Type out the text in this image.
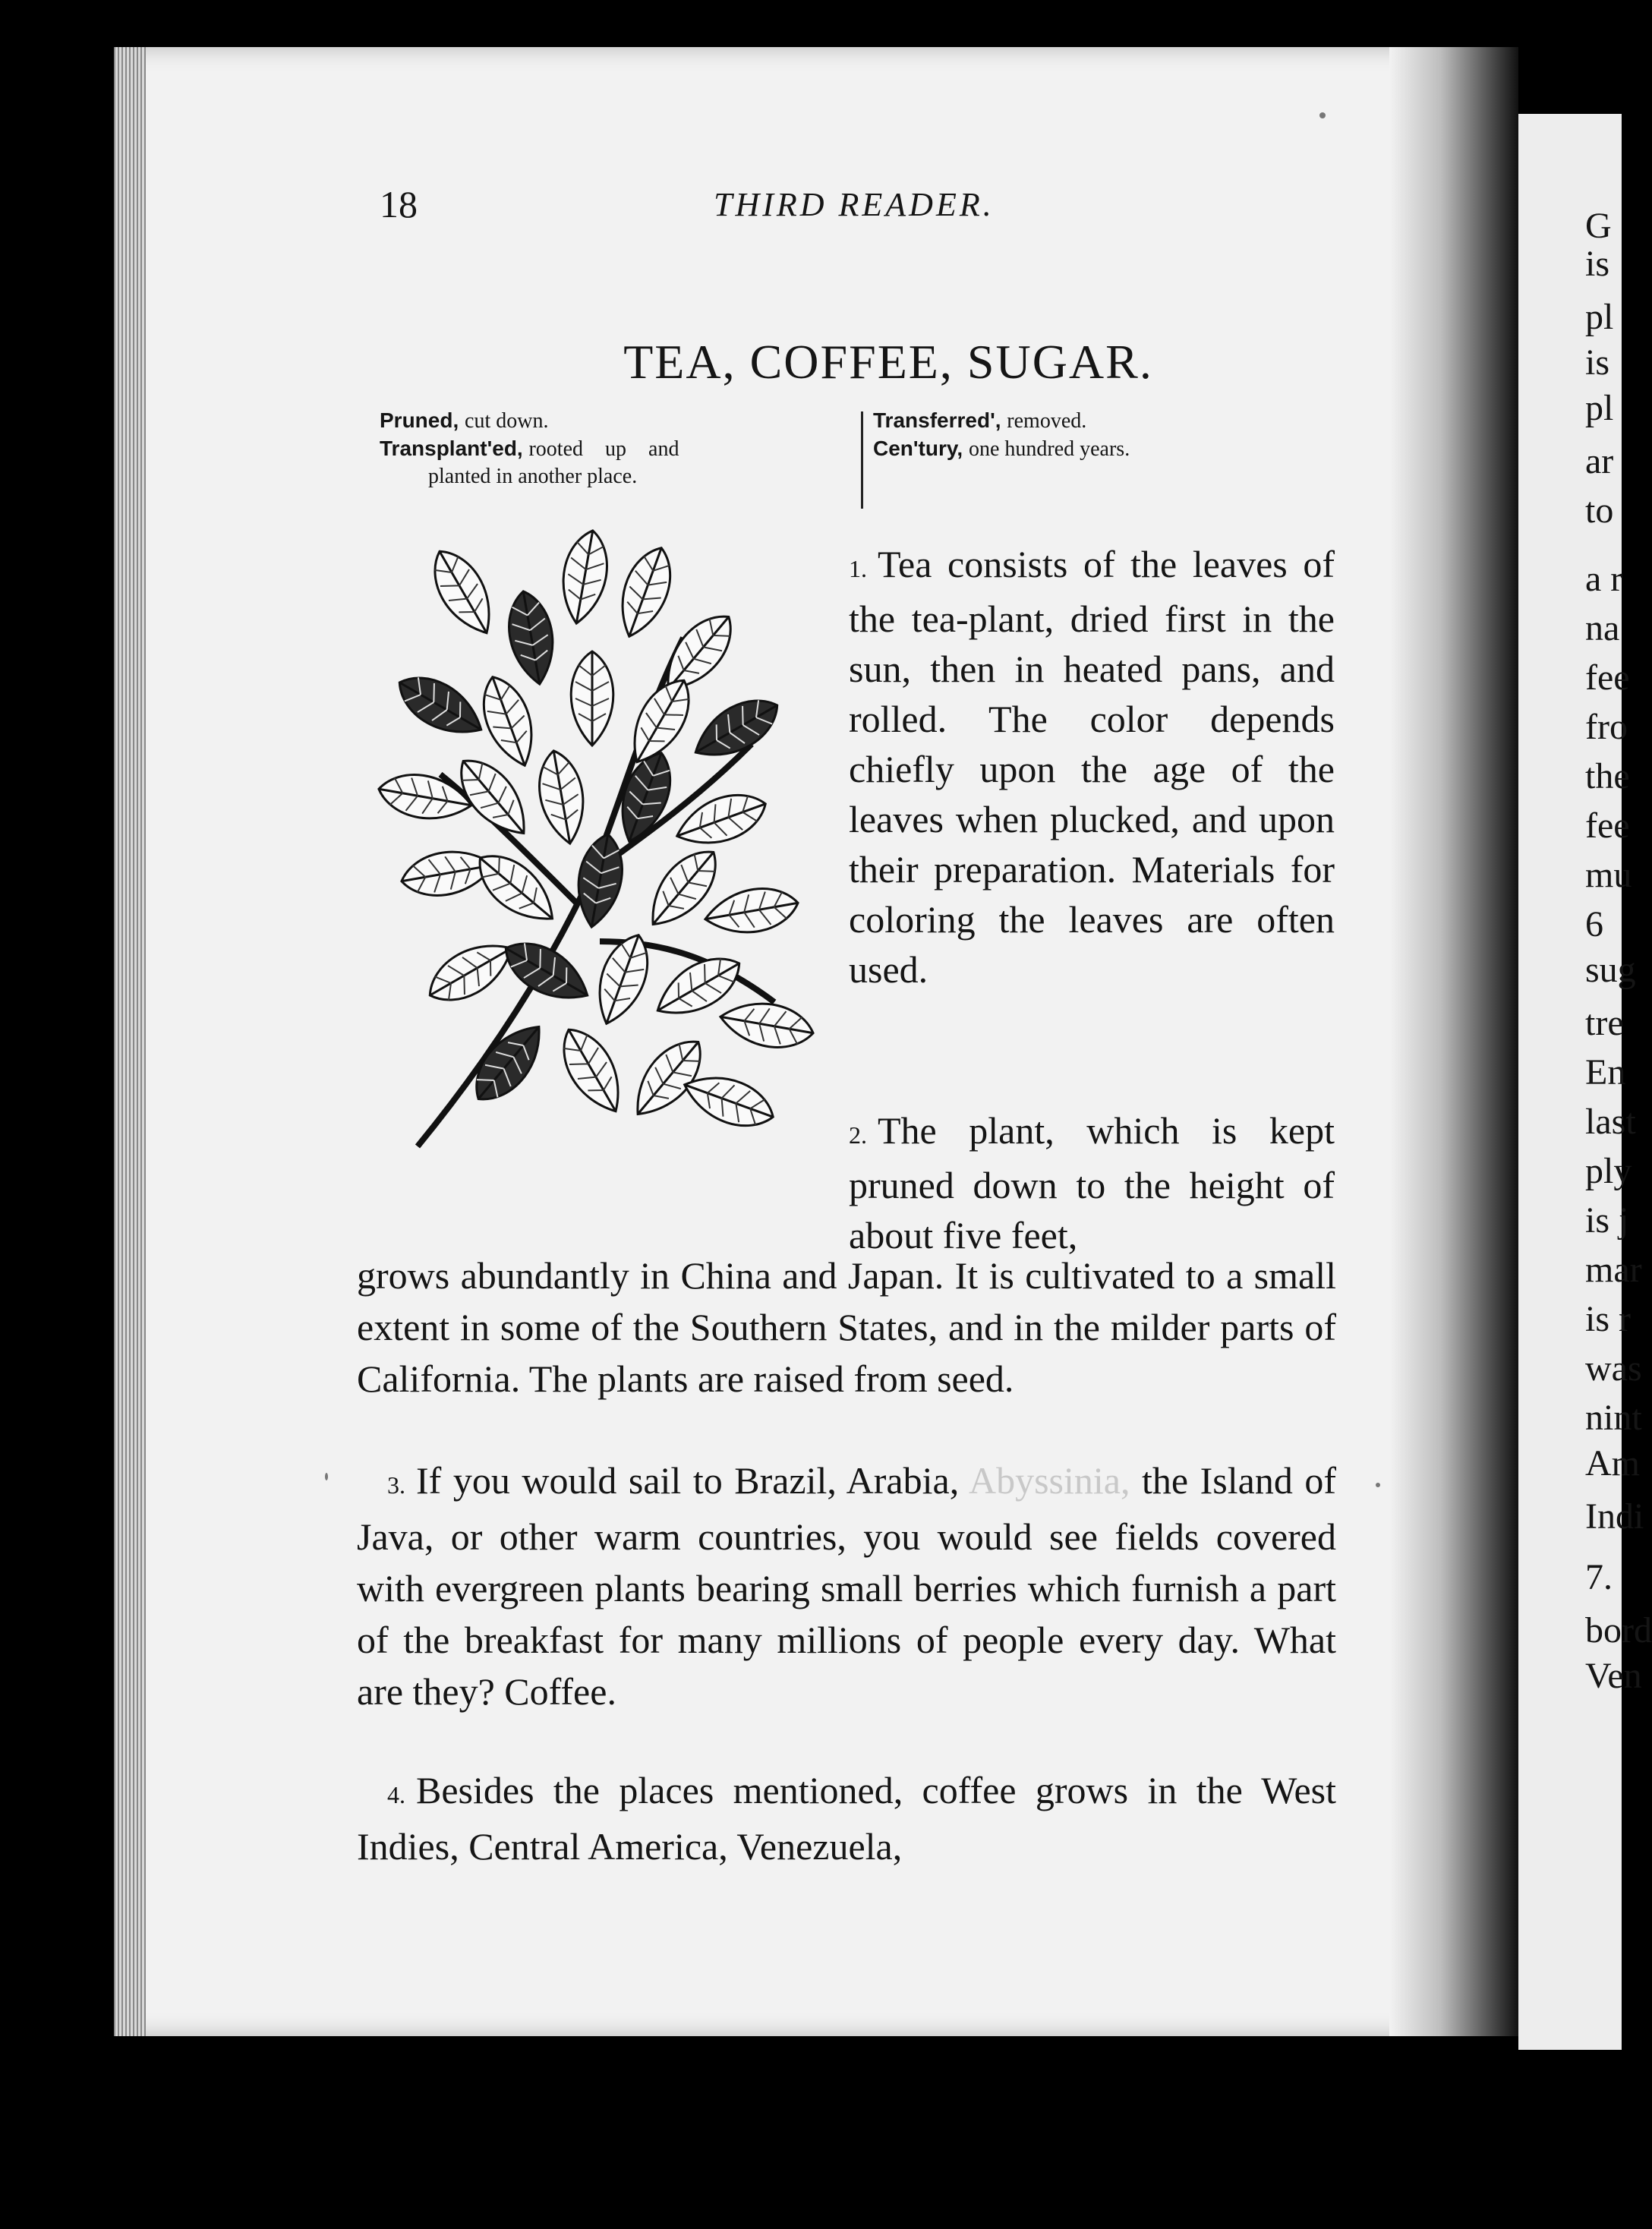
G
is
pl
is
pl
ar
to
a r
na
fee
fro
the
fee
mu
6
sug
tre
En
last
ply
is j
mar
is r
was
nint
Am
Indi
7.
bord
Ven
18	THIRD READER.
TEA, COFFEE, SUGAR.
Pruned, cut down.
Transplant'ed, rooted up and
planted in another place.
Transferred', removed.
Cen'tury, one hundred years.
1. Tea consists of the leaves of the tea-plant, dried first in the sun, then in heated pans, and rolled. The color depends chiefly upon the age of the leaves when plucked, and upon their preparation. Materials for coloring the leaves are often used.
2. The plant, which is kept pruned down to the height of about five feet,
grows abundantly in China and Japan. It is cultivated to a small extent in some of the Southern States, and in the milder parts of California. The plants are raised from seed.
3. If you would sail to Brazil, Arabia, Abyssinia, the Island of Java, or other warm countries, you would see fields covered with evergreen plants bearing small berries which furnish a part of the breakfast for many millions of people every day. What are they? Coffee.
4. Besides the places mentioned, coffee grows in the West Indies, Central America, Venezuela,
